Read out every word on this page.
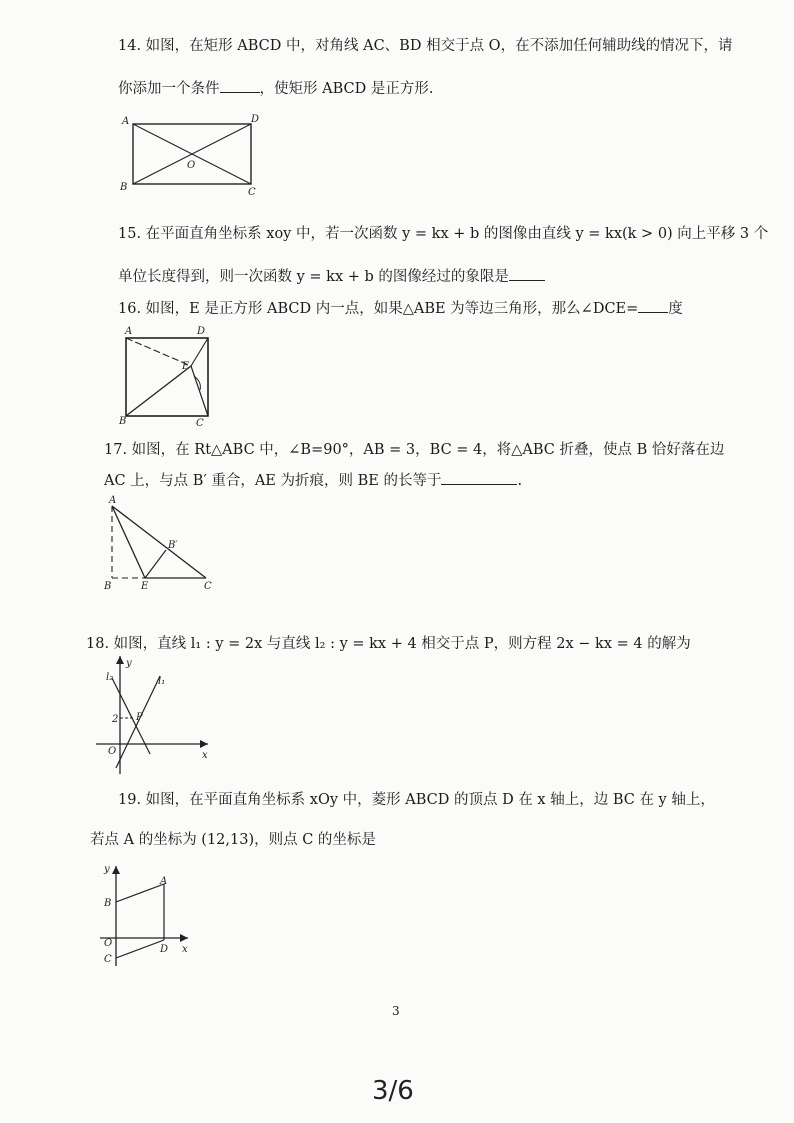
14. 如图，在矩形 ABCD 中，对角线 AC、BD 相交于点 O，在不添加任何辅助线的情况下，请
你添加一个条件	，使矩形 ABCD 是正方形.
A
B	C
D
O
15. 在平面直角坐标系 xoy 中，若一次函数 y = kx + b 的图像由直线 y = kx(k > 0) 向上平移 3 个
单位长度得到，则一次函数 y = kx + b 的图像经过的象限是
16. 如图，E 是正方形 ABCD 内一点，如果△ABE 为等边三角形，那么∠DCE= 度
A
B	C
D
E
17. 如图，在 Rt△ABC 中，∠B=90°，AB = 3，BC = 4，将△ABC 折叠，使点 B 恰好落在边
AC 上，与点 B′ 重合，AE 为折痕，则 BE 的长等于	.
A
B
B′
E	C
18. 如图，直线 l₁ : y = 2x 与直线 l₂ : y = kx + 4 相交于点 P，则方程 2x − kx = 4 的解为
y
x
O
P
2
l₂	l₁
19. 如图，在平面直角坐标系 xOy 中，菱形 ABCD 的顶点 D 在 x 轴上，边 BC 在 y 轴上，
若点 A 的坐标为 (12,13)，则点 C 的坐标是
y
x
A
B
O
C
D
3
3/6
